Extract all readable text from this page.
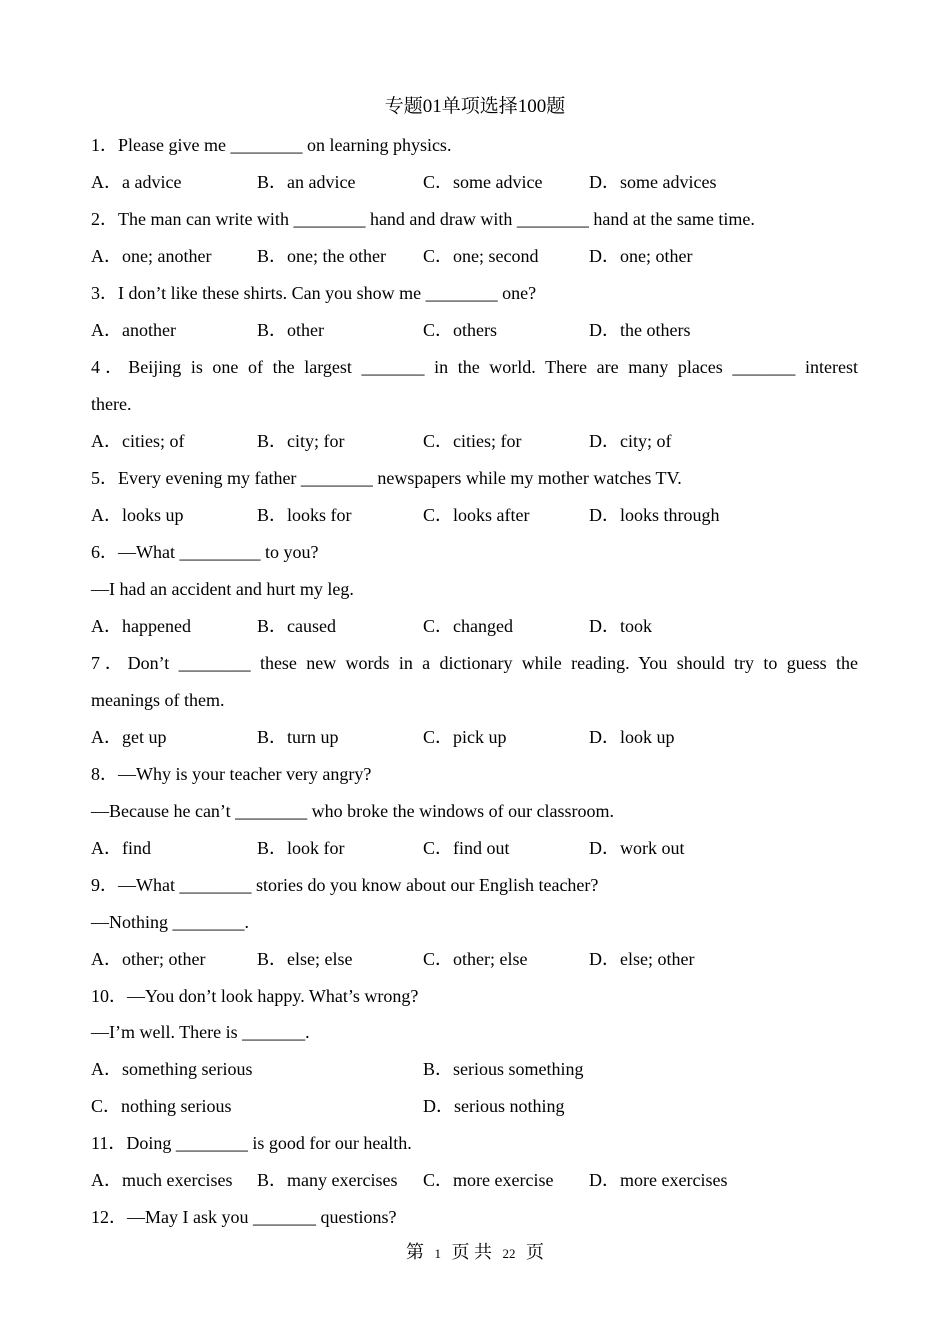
专题01单项选择100题
1．Please give me ________ on learning physics.
A．a advice	B．an advice	C．some advice	D．some advices
2．The man can write with ________ hand and draw with ________ hand at the same time.
A．one; another	B．one; the other C．one; second	D．one; other
3．I don’t like these shirts. Can you show me ________ one?
A．another	B．other	C．others	D．the others
4．Beijing is one of the largest _______ in the world. There are many places _______ interest
there.
A．cities; of	B．city; for	C．cities; for	D．city; of
5．Every evening my father ________ newspapers while my mother watches TV.
A．looks up	B．looks for	C．looks after	D．looks through
6．—What _________ to you?
—I had an accident and hurt my leg.
A．happened	B．caused	C．changed	D．took
7．Don’t ________ these new words in a dictionary while reading. You should try to guess the
meanings of them.
A．get up	B．turn up	C．pick up	D．look up
8．—Why is your teacher very angry?
—Because he can’t ________ who broke the windows of our classroom.
A．find	B．look for	C．find out	D．work out
9．—What ________ stories do you know about our English teacher?
—Nothing ________.
A．other; other	B．else; else	C．other; else	D．else; other
10．—You don’t look happy. What’s wrong?
—I’m well. There is _______.
A．something serious	B．serious something
C．nothing serious	D．serious nothing
11．Doing ________ is good for our health.
A．much exercises B．many exercises C．more exercise D．more exercises
12．—May I ask you _______ questions?
第 1 页 共 22 页
